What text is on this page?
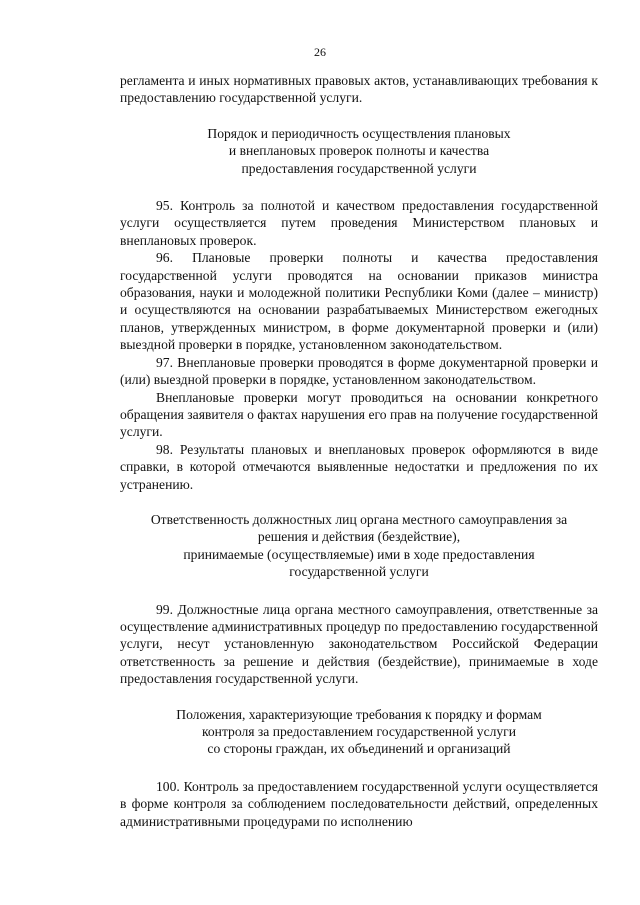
26

регламента и иных нормативных правовых актов, устанавливающих требования к предоставлению государственной услуги.

Порядок и периодичность осуществления плановых
и внеплановых проверок полноты и качества
предоставления государственной услуги

95. Контроль за полнотой и качеством предоставления государственной услуги осуществляется путем проведения Министерством плановых и внеплановых проверок.

96. Плановые проверки полноты и качества предоставления государственной услуги проводятся на основании приказов министра образования, науки и молодежной политики Республики Коми (далее – министр) и осуществляются на основании разрабатываемых Министерством ежегодных планов, утвержденных министром, в форме документарной проверки и (или) выездной проверки в порядке, установленном законодательством.

97. Внеплановые проверки проводятся в форме документарной проверки и (или) выездной проверки в порядке, установленном законодательством.

Внеплановые проверки могут проводиться на основании конкретного обращения заявителя о фактах нарушения его прав на получение государственной услуги.

98. Результаты плановых и внеплановых проверок оформляются в виде справки, в которой отмечаются выявленные недостатки и предложения по их устранению.

Ответственность должностных лиц органа местного самоуправления за
решения и действия (бездействие),
принимаемые (осуществляемые) ими в ходе предоставления
государственной услуги

99. Должностные лица органа местного самоуправления, ответственные за осуществление административных процедур по предоставлению государственной услуги, несут установленную законодательством Российской Федерации ответственность за решение и действия (бездействие), принимаемые в ходе предоставления государственной услуги.

Положения, характеризующие требования к порядку и формам
контроля за предоставлением государственной услуги
со стороны граждан, их объединений и организаций

100. Контроль за предоставлением государственной услуги осуществляется в форме контроля за соблюдением последовательности действий, определенных административными процедурами по исполнению
